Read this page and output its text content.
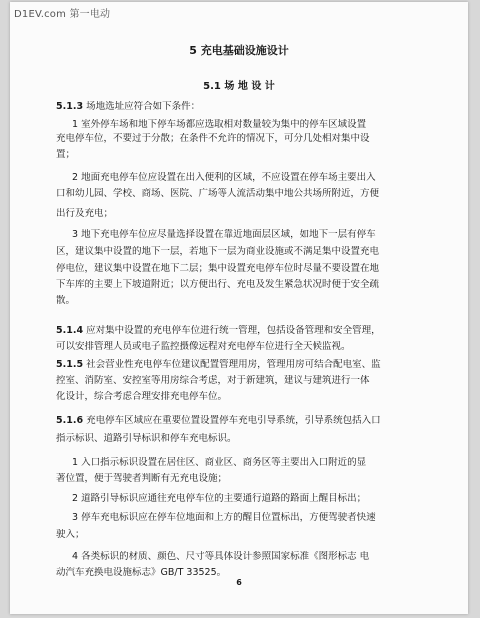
D1EV.com 第一电动
5 充电基础设施设计
5.1 场 地 设 计
5.1.3 场地选址应符合如下条件：
1 室外停车场和地下停车场都应选取相对数量较为集中的停车区域设置
充电停车位，不要过于分散；在条件不允许的情况下，可分几处相对集中设
置；
2 地面充电停车位应设置在出入便利的区域，不应设置在停车场主要出入
口和幼儿园、学校、商场、医院、广场等人流活动集中地公共场所附近，方便
出行及充电；
3 地下充电停车位应尽量选择设置在靠近地面层区域，如地下一层有停车
区，建议集中设置的地下一层，若地下一层为商业设施或不满足集中设置充电
停电位，建议集中设置在地下二层；集中设置充电停车位时尽量不要设置在地
下车库的主要上下坡道附近；以方便出行、充电及发生紧急状况时便于安全疏
散。
5.1.4 应对集中设置的充电停车位进行统一管理，包括设备管理和安全管理，
可以安排管理人员或电子监控摄像远程对充电停车位进行全天候监视。
5.1.5 社会营业性充电停车位建议配置管理用房，管理用房可结合配电室、监
控室、消防室、安控室等用房综合考虑，对于新建筑，建议与建筑进行一体
化设计，综合考虑合理安排充电停车位。
5.1.6 充电停车区域应在重要位置设置停车充电引导系统，引导系统包括入口
指示标识、道路引导标识和停车充电标识。
1 入口指示标识设置在居住区、商业区、商务区等主要出入口附近的显
著位置，便于驾驶者判断有无充电设施；
2 道路引导标识应通往充电停车位的主要通行道路的路面上醒目标出；
3 停车充电标识应在停车位地面和上方的醒目位置标出，方便驾驶者快速
驶入；
4 各类标识的材质、颜色、尺寸等具体设计参照国家标准《图形标志 电
动汽车充换电设施标志》GB/T 33525。
6
